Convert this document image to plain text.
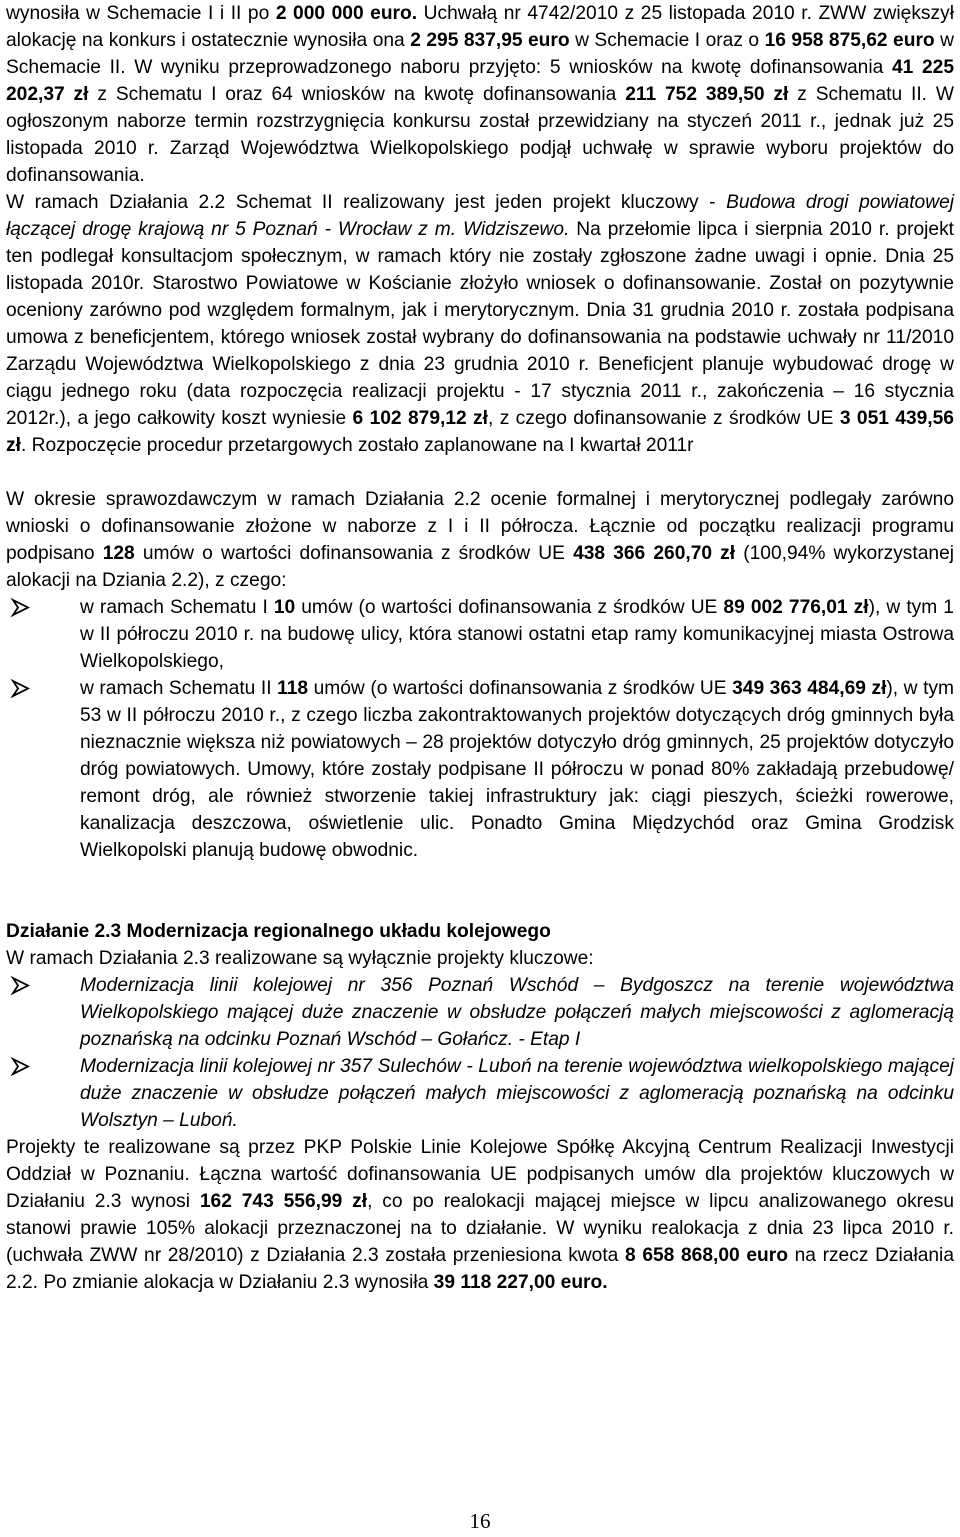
wynosiła w Schemacie I i II po 2 000 000 euro. Uchwałą nr 4742/2010 z 25 listopada 2010 r. ZWW zwiększył alokację na konkurs i ostatecznie wynosiła ona 2 295 837,95 euro w Schemacie I oraz o 16 958 875,62 euro w Schemacie II. W wyniku przeprowadzonego naboru przyjęto: 5 wniosków na kwotę dofinansowania 41 225 202,37 zł z Schematu I oraz 64 wniosków na kwotę dofinansowania 211 752 389,50 zł z Schematu II. W ogłoszonym naborze termin rozstrzygnięcia konkursu został przewidziany na styczeń 2011 r., jednak już 25 listopada 2010 r. Zarząd Województwa Wielkopolskiego podjął uchwałę w sprawie wyboru projektów do dofinansowania.

W ramach Działania 2.2 Schemat II realizowany jest jeden projekt kluczowy - Budowa drogi powiatowej łączącej drogę krajową nr 5 Poznań - Wrocław z m. Widziszewo. Na przełomie lipca i sierpnia 2010 r. projekt ten podlegał konsultacjom społecznym, w ramach który nie zostały zgłoszone żadne uwagi i opnie. Dnia 25 listopada 2010r. Starostwo Powiatowe w Kościanie złożyło wniosek o dofinansowanie. Został on pozytywnie oceniony zarówno pod względem formalnym, jak i merytorycznym. Dnia 31 grudnia 2010 r. została podpisana umowa z beneficjentem, którego wniosek został wybrany do dofinansowania na podstawie uchwały nr 11/2010 Zarządu Województwa Wielkopolskiego z dnia 23 grudnia 2010 r. Beneficjent planuje wybudować drogę w ciągu jednego roku (data rozpoczęcia realizacji projektu - 17 stycznia 2011 r., zakończenia – 16 stycznia 2012r.), a jego całkowity koszt wyniesie 6 102 879,12 zł, z czego dofinansowanie z środków UE 3 051 439,56 zł. Rozpoczęcie procedur przetargowych zostało zaplanowane na I kwartał 2011r

W okresie sprawozdawczym w ramach Działania 2.2 ocenie formalnej i merytorycznej podlegały zarówno wnioski o dofinansowanie złożone w naborze z I i II półrocza. Łącznie od początku realizacji programu podpisano 128 umów o wartości dofinansowania z środków UE 438 366 260,70 zł (100,94% wykorzystanej alokacji na Dziania 2.2), z czego:

w ramach Schematu I 10 umów (o wartości dofinansowania z środków UE 89 002 776,01 zł), w tym 1 w II półroczu 2010 r. na budowę ulicy, która stanowi ostatni etap ramy komunikacyjnej miasta Ostrowa Wielkopolskiego,
w ramach Schematu II 118 umów (o wartości dofinansowania z środków UE 349 363 484,69 zł), w tym 53 w II półroczu 2010 r., z czego liczba zakontraktowanych projektów dotyczących dróg gminnych była nieznacznie większa niż powiatowych – 28 projektów dotyczyło dróg gminnych, 25 projektów dotyczyło dróg powiatowych. Umowy, które zostały podpisane II półroczu w ponad 80% zakładają przebudowę/ remont dróg, ale również stworzenie takiej infrastruktury jak: ciągi pieszych, ścieżki rowerowe, kanalizacja deszczowa, oświetlenie ulic. Ponadto Gmina Międzychód oraz Gmina Grodzisk Wielkopolski planują budowę obwodnic.

Działanie 2.3 Modernizacja regionalnego układu kolejowego

W ramach Działania 2.3 realizowane są wyłącznie projekty kluczowe:

Modernizacja linii kolejowej nr 356 Poznań Wschód – Bydgoszcz na terenie województwa Wielkopolskiego mającej duże znaczenie w obsłudze połączeń małych miejscowości z aglomeracją poznańską na odcinku Poznań Wschód – Gołańcz. - Etap I
Modernizacja linii kolejowej nr 357 Sulechów - Luboń na terenie województwa wielkopolskiego mającej duże znaczenie w obsłudze połączeń małych miejscowości z aglomeracją poznańską na odcinku Wolsztyn – Luboń.

Projekty te realizowane są przez PKP Polskie Linie Kolejowe Spółkę Akcyjną Centrum Realizacji Inwestycji Oddział w Poznaniu. Łączna wartość dofinansowania UE podpisanych umów dla projektów kluczowych w Działaniu 2.3 wynosi 162 743 556,99 zł, co po realokacji mającej miejsce w lipcu analizowanego okresu stanowi prawie 105% alokacji przeznaczonej na to działanie. W wyniku realokacja z dnia 23 lipca 2010 r. (uchwała ZWW nr 28/2010) z Działania 2.3 została przeniesiona kwota 8 658 868,00 euro na rzecz Działania 2.2. Po zmianie alokacja w Działaniu 2.3 wynosiła 39 118 227,00 euro.

16
